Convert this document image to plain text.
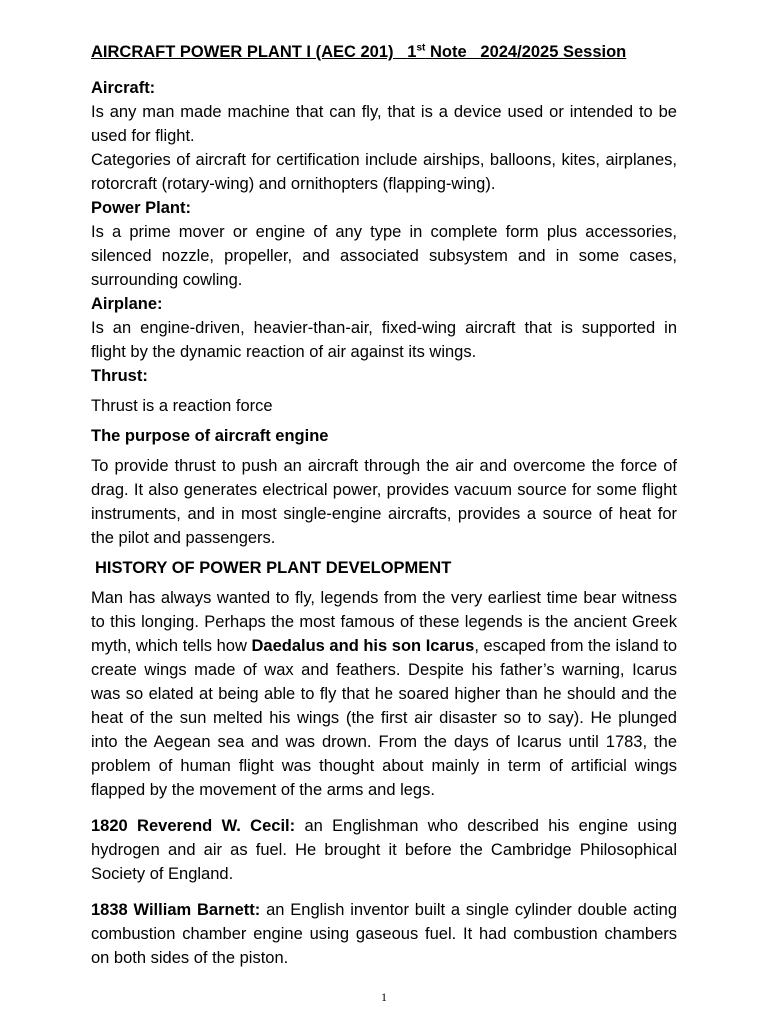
AIRCRAFT POWER PLANT I (AEC 201) 1st Note 2024/2025 Session

Aircraft:

Is any man made machine that can fly, that is a device used or intended to be used for flight.

Categories of aircraft for certification include airships, balloons, kites, airplanes, rotorcraft (rotary-wing) and ornithopters (flapping-wing).

Power Plant:

Is a prime mover or engine of any type in complete form plus accessories, silenced nozzle, propeller, and associated subsystem and in some cases, surrounding cowling.

Airplane:

Is an engine-driven, heavier-than-air, fixed-wing aircraft that is supported in flight by the dynamic reaction of air against its wings.

Thrust:

Thrust is a reaction force

The purpose of aircraft engine

To provide thrust to push an aircraft through the air and overcome the force of drag. It also generates electrical power, provides vacuum source for some flight instruments, and in most single-engine aircrafts, provides a source of heat for the pilot and passengers.

HISTORY OF POWER PLANT DEVELOPMENT

Man has always wanted to fly, legends from the very earliest time bear witness to this longing. Perhaps the most famous of these legends is the ancient Greek myth, which tells how Daedalus and his son Icarus, escaped from the island to create wings made of wax and feathers. Despite his father’s warning, Icarus was so elated at being able to fly that he soared higher than he should and the heat of the sun melted his wings (the first air disaster so to say). He plunged into the Aegean sea and was drown. From the days of Icarus until 1783, the problem of human flight was thought about mainly in term of artificial wings flapped by the movement of the arms and legs.

1820 Reverend W. Cecil: an Englishman who described his engine using hydrogen and air as fuel. He brought it before the Cambridge Philosophical Society of England.

1838 William Barnett: an English inventor built a single cylinder double acting combustion chamber engine using gaseous fuel. It had combustion chambers on both sides of the piston.

1
